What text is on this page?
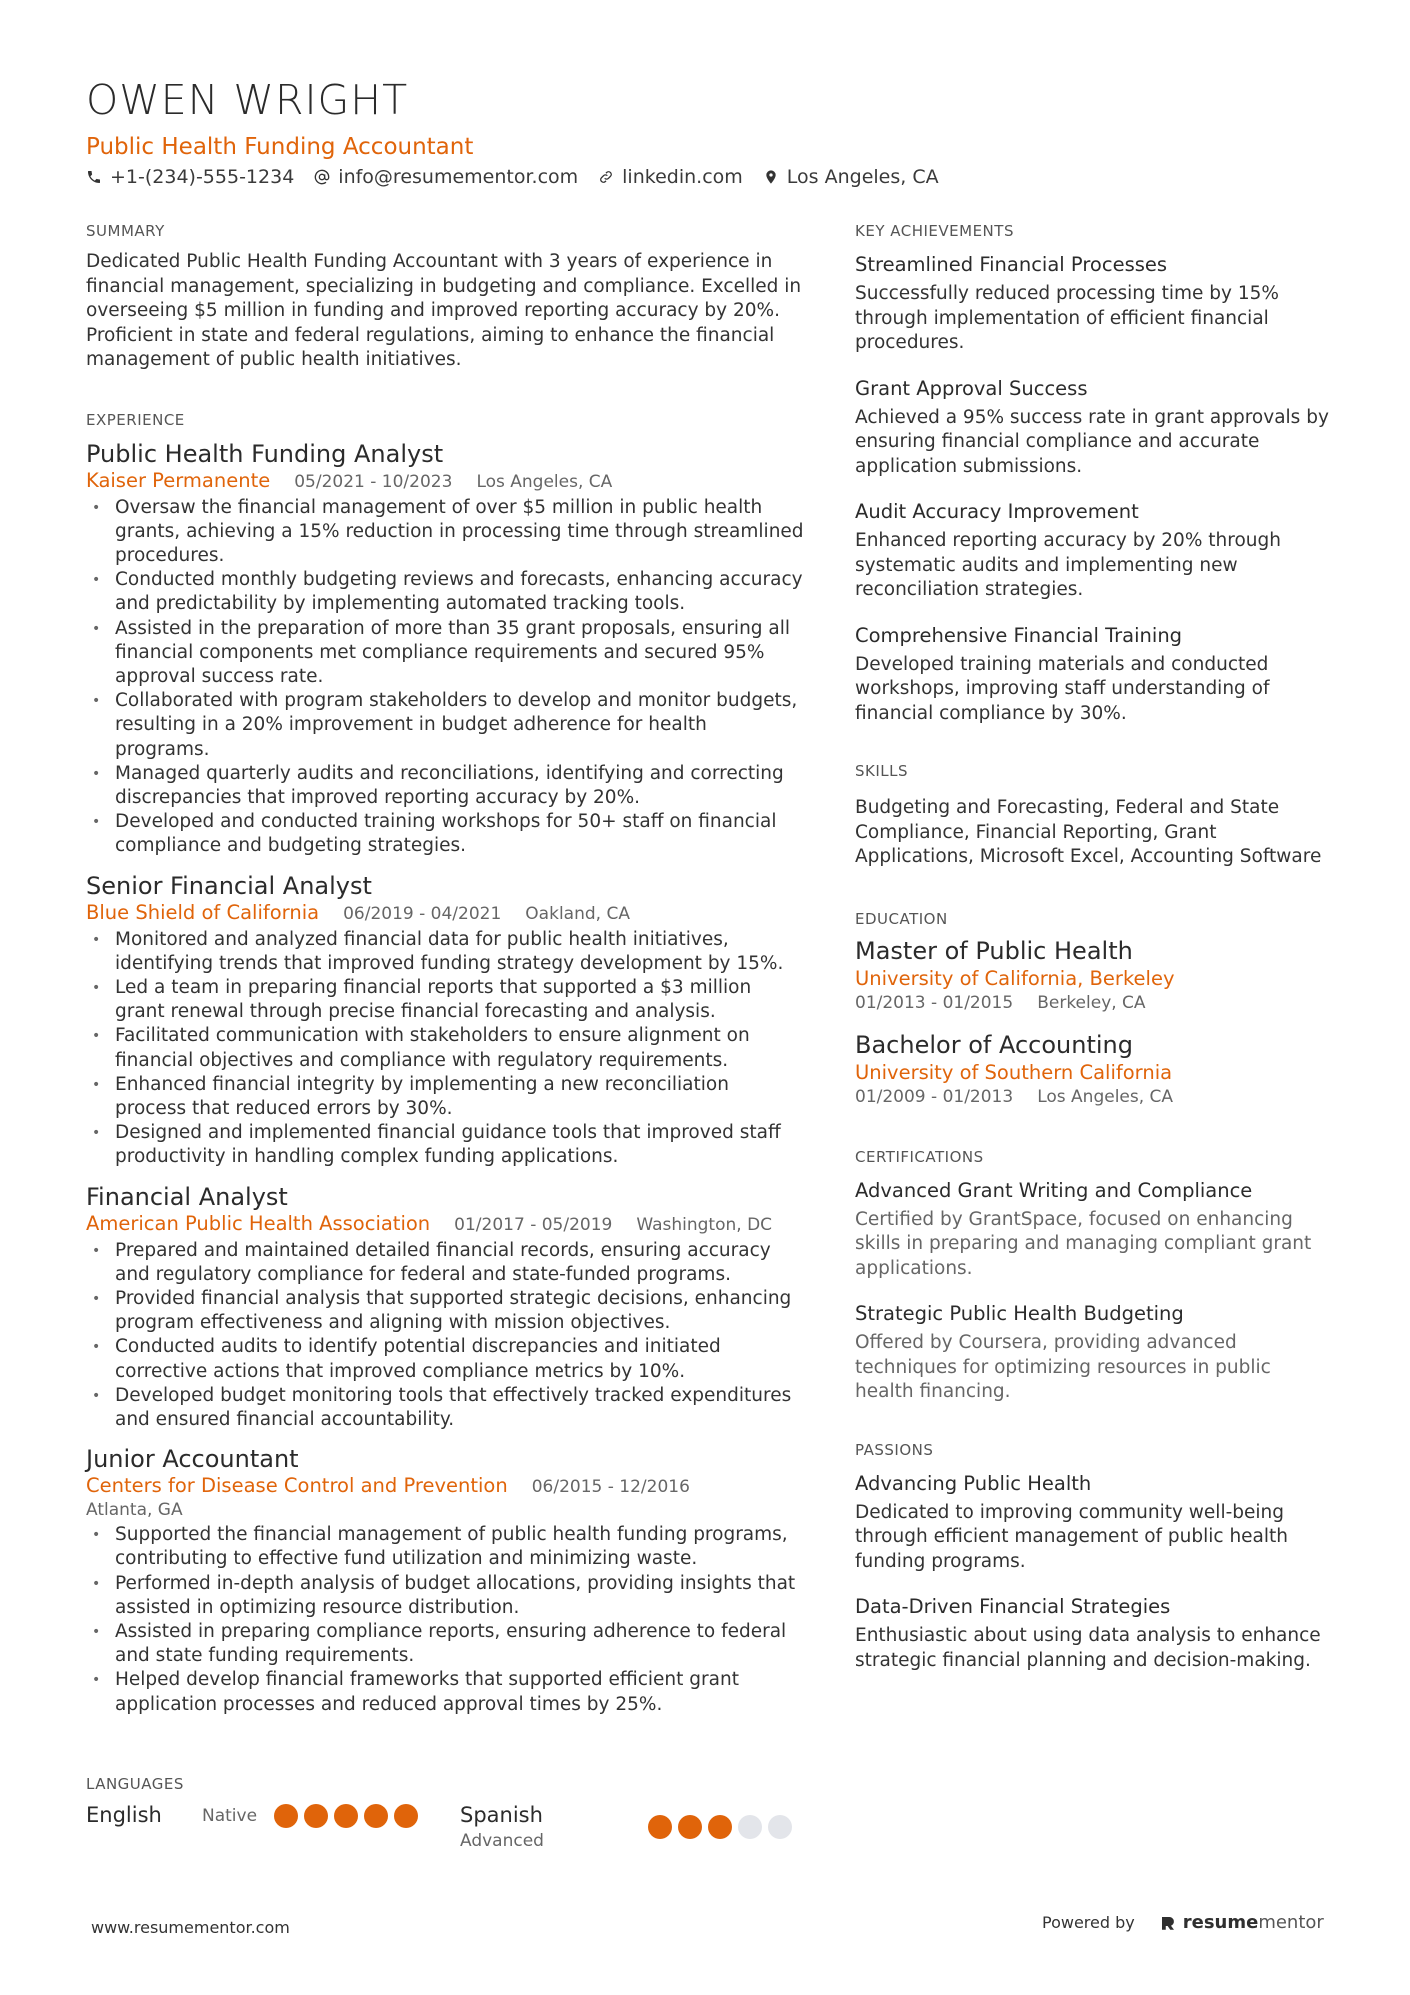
OWEN WRIGHT
Public Health Funding Accountant
+1-(234)-555-1234 info@resumementor.com linkedin.com Los Angeles, CA
SUMMARY

Dedicated Public Health Funding Accountant with 3 years of experience in financial management, specializing in budgeting and compliance. Excelled in overseeing $5 million in funding and improved reporting accuracy by 20%. Proficient in state and federal regulations, aiming to enhance the financial management of public health initiatives.

EXPERIENCE
Public Health Funding Analyst
Kaiser Permanente 05/2021 - 10/2023 Los Angeles, CA
• Oversaw the financial management of over $5 million in public health grants, achieving a 15% reduction in processing time through streamlined procedures.
• Conducted monthly budgeting reviews and forecasts, enhancing accuracy and predictability by implementing automated tracking tools.
• Assisted in the preparation of more than 35 grant proposals, ensuring all financial components met compliance requirements and secured 95% approval success rate.
• Collaborated with program stakeholders to develop and monitor budgets, resulting in a 20% improvement in budget adherence for health programs.
• Managed quarterly audits and reconciliations, identifying and correcting discrepancies that improved reporting accuracy by 20%.
• Developed and conducted training workshops for 50+ staff on financial compliance and budgeting strategies.
Senior Financial Analyst
Blue Shield of California 06/2019 - 04/2021 Oakland, CA
• Monitored and analyzed financial data for public health initiatives, identifying trends that improved funding strategy development by 15%.
• Led a team in preparing financial reports that supported a $3 million grant renewal through precise financial forecasting and analysis.
• Facilitated communication with stakeholders to ensure alignment on financial objectives and compliance with regulatory requirements.
• Enhanced financial integrity by implementing a new reconciliation process that reduced errors by 30%.
• Designed and implemented financial guidance tools that improved staff productivity in handling complex funding applications.
Financial Analyst
American Public Health Association 01/2017 - 05/2019 Washington, DC
• Prepared and maintained detailed financial records, ensuring accuracy and regulatory compliance for federal and state-funded programs.
• Provided financial analysis that supported strategic decisions, enhancing program effectiveness and aligning with mission objectives.
• Conducted audits to identify potential discrepancies and initiated corrective actions that improved compliance metrics by 10%.
• Developed budget monitoring tools that effectively tracked expenditures and ensured financial accountability.
Junior Accountant
Centers for Disease Control and Prevention 06/2015 - 12/2016
Atlanta, GA
• Supported the financial management of public health funding programs, contributing to effective fund utilization and minimizing waste.
• Performed in-depth analysis of budget allocations, providing insights that assisted in optimizing resource distribution.
• Assisted in preparing compliance reports, ensuring adherence to federal and state funding requirements.
• Helped develop financial frameworks that supported efficient grant application processes and reduced approval times by 25%.
LANGUAGES
English	Native	Spanish
Advanced
KEY ACHIEVEMENTS
Streamlined Financial Processes
Successfully reduced processing time by 15% through implementation of efficient financial procedures.
Grant Approval Success
Achieved a 95% success rate in grant approvals by ensuring financial compliance and accurate application submissions.
Audit Accuracy Improvement
Enhanced reporting accuracy by 20% through systematic audits and implementing new reconciliation strategies.
Comprehensive Financial Training
Developed training materials and conducted workshops, improving staff understanding of financial compliance by 30%.
SKILLS
Budgeting and Forecasting, Federal and State Compliance, Financial Reporting, Grant Applications, Microsoft Excel, Accounting Software
EDUCATION
Master of Public Health
University of California, Berkeley
01/2013 - 01/2015 Berkeley, CA
Bachelor of Accounting
University of Southern California
01/2009 - 01/2013 Los Angeles, CA
CERTIFICATIONS
Advanced Grant Writing and Compliance
Certified by GrantSpace, focused on enhancing skills in preparing and managing compliant grant applications.
Strategic Public Health Budgeting
Offered by Coursera, providing advanced techniques for optimizing resources in public health financing.
PASSIONS
Advancing Public Health
Dedicated to improving community well-being through efficient management of public health funding programs.
Data-Driven Financial Strategies
Enthusiastic about using data analysis to enhance strategic financial planning and decision-making.
www.resumementor.com	Powered by	resumementor
